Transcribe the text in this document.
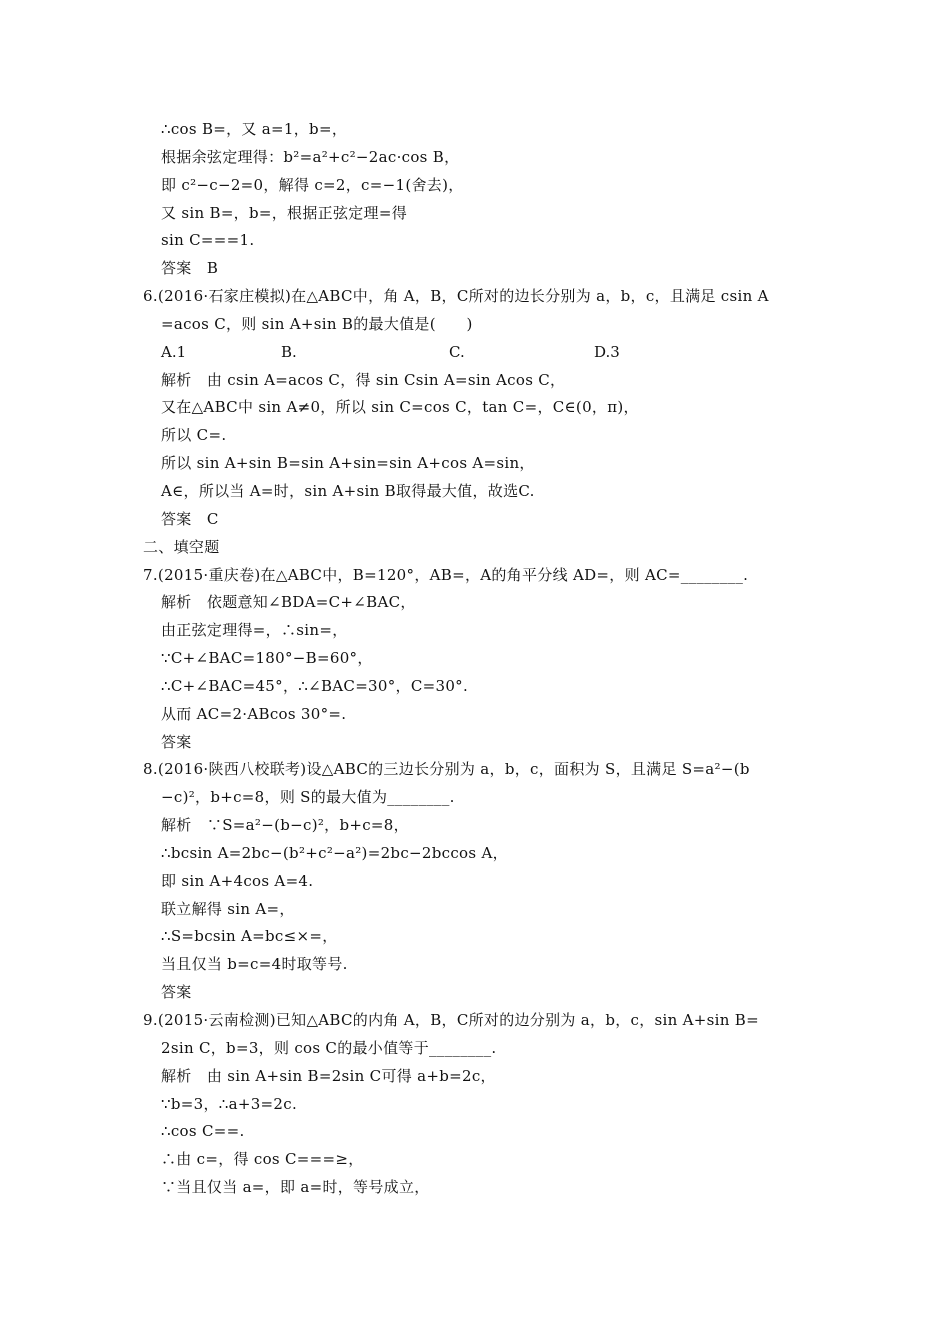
∴cos B=，又 a=1，b=，
根据余弦定理得：b²=a²+c²−2ac·cos B，
即 c²−c−2=0，解得 c=2，c=−1(舍去)，
又 sin B=，b=，根据正弦定理=得
sin C===1.
答案　B
6.(2016·石家庄模拟)在△ABC中，角 A，B，C所对的边长分别为 a，b，c，且满足 csin A
=acos C，则 sin A+sin B的最大值是(　　)
A.1	B.	C.	D.3
解析　由 csin A=acos C，得 sin Csin A=sin Acos C，
又在△ABC中 sin A≠0，所以 sin C=cos C，tan C=，C∈(0，π)，
所以 C=.
所以 sin A+sin B=sin A+sin=sin A+cos A=sin，
A∈，所以当 A=时，sin A+sin B取得最大值，故选C.
答案　C
二、填空题
7.(2015·重庆卷)在△ABC中，B=120°，AB=，A的角平分线 AD=，则 AC=________.
解析　依题意知∠BDA=C+∠BAC，
由正弦定理得=，∴sin=，
∵C+∠BAC=180°−B=60°，
∴C+∠BAC=45°，∴∠BAC=30°，C=30°.
从而 AC=2·ABcos 30°=.
答案
8.(2016·陕西八校联考)设△ABC的三边长分别为 a，b，c，面积为 S，且满足 S=a²−(b
−c)²，b+c=8，则 S的最大值为________.
解析　∵S=a²−(b−c)²，b+c=8，
∴bcsin A=2bc−(b²+c²−a²)=2bc−2bccos A，
即 sin A+4cos A=4.
联立解得 sin A=，
∴S=bcsin A=bc≤×=，
当且仅当 b=c=4时取等号.
答案
9.(2015·云南检测)已知△ABC的内角 A，B，C所对的边分别为 a，b，c，sin A+sin B=
2sin C，b=3，则 cos C的最小值等于________.
解析　由 sin A+sin B=2sin C可得 a+b=2c，
∵b=3，∴a+3=2c.
∴cos C==.
∴由 c=，得 cos C===≥，
∵当且仅当 a=，即 a=时，等号成立，
